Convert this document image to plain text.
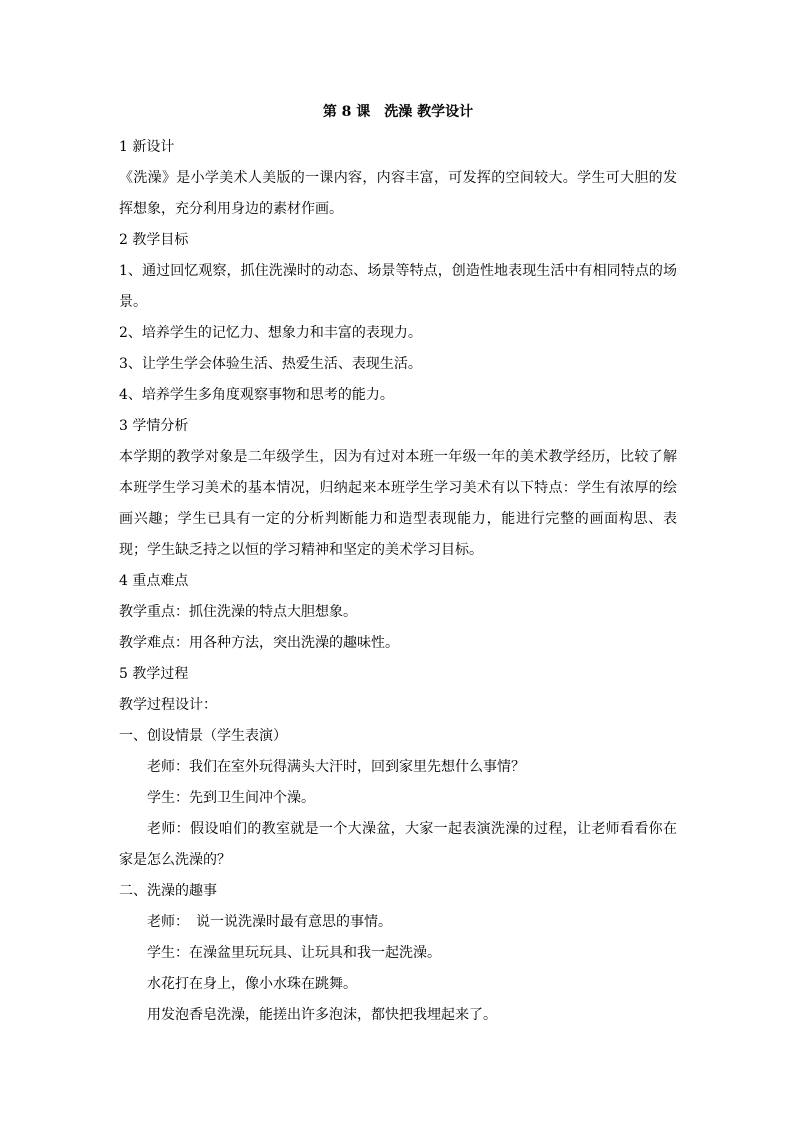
第 8 课　洗澡 教学设计

1 新设计

《洗澡》是小学美术人美版的一课内容，内容丰富，可发挥的空间较大。学生可大胆的发挥想象，充分利用身边的素材作画。

2 教学目标

1、通过回忆观察，抓住洗澡时的动态、场景等特点，创造性地表现生活中有相同特点的场景。

2、培养学生的记忆力、想象力和丰富的表现力。

3、让学生学会体验生活、热爱生活、表现生活。

4、培养学生多角度观察事物和思考的能力。

3 学情分析

本学期的教学对象是二年级学生，因为有过对本班一年级一年的美术教学经历，比较了解本班学生学习美术的基本情况，归纳起来本班学生学习美术有以下特点：学生有浓厚的绘画兴趣；学生已具有一定的分析判断能力和造型表现能力，能进行完整的画面构思、表现；学生缺乏持之以恒的学习精神和坚定的美术学习目标。

4 重点难点

教学重点：抓住洗澡的特点大胆想象。

教学难点：用各种方法，突出洗澡的趣味性。

5 教学过程

教学过程设计：

一、创设情景（学生表演）

老师：我们在室外玩得满头大汗时，回到家里先想什么事情？

学生：先到卫生间冲个澡。

老师：假设咱们的教室就是一个大澡盆，大家一起表演洗澡的过程，让老师看看你在家是怎么洗澡的？

二、洗澡的趣事

老师：　说一说洗澡时最有意思的事情。

学生：在澡盆里玩玩具、让玩具和我一起洗澡。

水花打在身上，像小水珠在跳舞。

用发泡香皂洗澡，能搓出许多泡沫，都快把我埋起来了。
